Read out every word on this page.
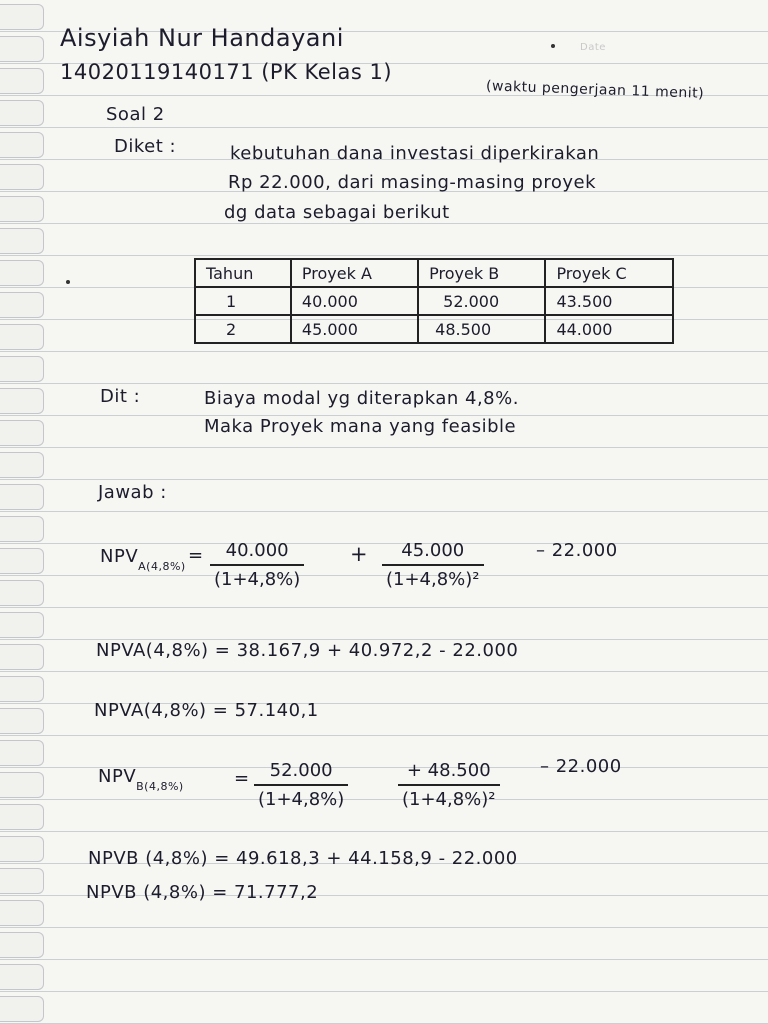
Aisyiah Nur Handayani	Date
14020119140171 (PK Kelas 1)
(waktu pengerjaan 11 menit)
Soal 2
Diket :	kebutuhan dana investasi diperkirakan
Rp 22.000, dari masing-masing proyek
dg data sebagai berikut
Tahun	Proyek A	Proyek B	Proyek C
1	40.000	52.000	43.500
2	45.000	48.500	44.000
Dit :	Biaya modal yg diterapkan 4,8%.
Maka Proyek mana yang feasible
Jawab :
$NPV_{A(4,8\%)}$
=	40.000
(1+4,8%)
+	45.000
(1+4,8%)²
– 22.000
NPVA(4,8%) = 38.167,9 + 40.972,2 - 22.000
NPVA(4,8%) = 57.140,1
$NPV_{B(4,8\%)}$	=	52.000
(1+4,8%)
+ 48.500
(1+4,8%)²
– 22.000
NPVB (4,8%) = 49.618,3 + 44.158,9 - 22.000
NPVB (4,8%) = 71.777,2
